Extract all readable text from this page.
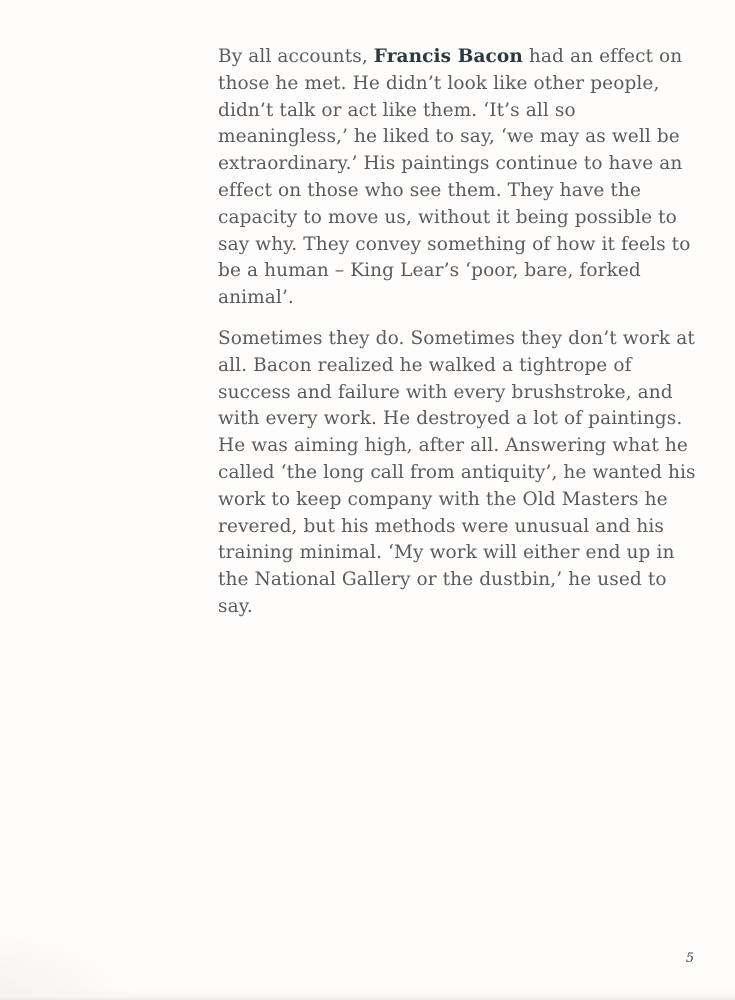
By all accounts, Francis Bacon had an effect on those he met. He didn’t look like other people, didn’t talk or act like them. ‘It’s all so meaningless,’ he liked to say, ‘we may as well be extraordinary.’ His paintings continue to have an effect on those who see them. They have the capacity to move us, without it being possible to say why. They convey something of how it feels to be a human – King Lear’s ‘poor, bare, forked animal’.

Sometimes they do. Sometimes they don’t work at all. Bacon realized he walked a tightrope of success and failure with every brushstroke, and with every work. He destroyed a lot of paintings. He was aiming high, after all. Answering what he called ‘the long call from antiquity’, he wanted his work to keep company with the Old Masters he revered, but his methods were unusual and his training minimal. ‘My work will either end up in the National Gallery or the dustbin,’ he used to say.

5
